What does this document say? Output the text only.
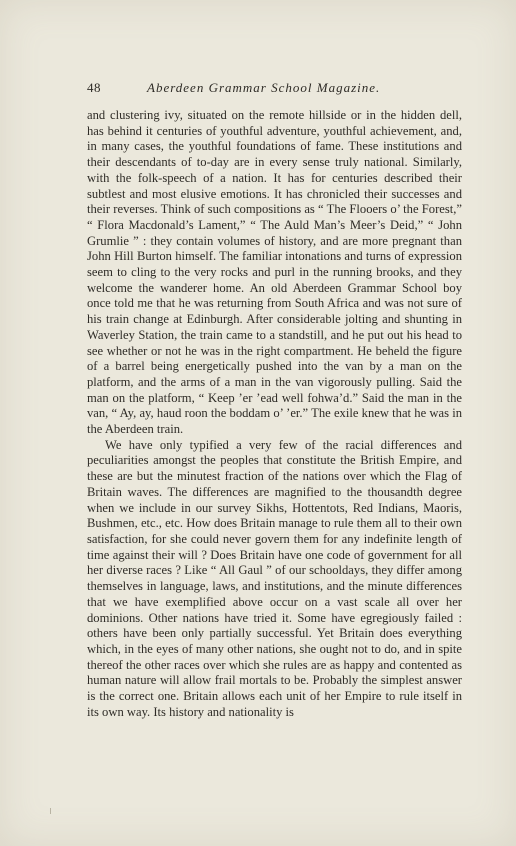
48	Aberdeen Grammar School Magazine.

and clustering ivy, situated on the remote hillside or in the hidden dell, has behind it centuries of youthful adventure, youthful achievement, and, in many cases, the youthful foundations of fame. These institutions and their descendants of to-day are in every sense truly national. Similarly, with the folk-speech of a nation. It has for centuries described their subtlest and most elusive emotions. It has chronicled their successes and their reverses. Think of such compositions as “ The Flooers o’ the Forest,” “ Flora Macdonald’s Lament,” “ The Auld Man’s Meer’s Deid,” “ John Grumlie ” : they contain volumes of history, and are more pregnant than John Hill Burton himself. The familiar intonations and turns of expression seem to cling to the very rocks and purl in the running brooks, and they welcome the wanderer home. An old Aberdeen Grammar School boy once told me that he was returning from South Africa and was not sure of his train change at Edinburgh. After considerable jolting and shunting in Waverley Station, the train came to a standstill, and he put out his head to see whether or not he was in the right compartment. He beheld the figure of a barrel being energetically pushed into the van by a man on the platform, and the arms of a man in the van vigorously pulling. Said the man on the platform, “ Keep ’er ’ead well fohwa’d.” Said the man in the van, “ Ay, ay, haud roon the boddam o’ ’er.” The exile knew that he was in the Aberdeen train.

We have only typified a very few of the racial differences and peculiarities amongst the peoples that constitute the British Empire, and these are but the minutest fraction of the nations over which the Flag of Britain waves. The differences are magnified to the thousandth degree when we include in our survey Sikhs, Hottentots, Red Indians, Maoris, Bushmen, etc., etc. How does Britain manage to rule them all to their own satisfaction, for she could never govern them for any indefinite length of time against their will ? Does Britain have one code of government for all her diverse races ? Like “ All Gaul ” of our schooldays, they differ among themselves in language, laws, and institutions, and the minute differences that we have exemplified above occur on a vast scale all over her dominions. Other nations have tried it. Some have egregiously failed : others have been only partially successful. Yet Britain does everything which, in the eyes of many other nations, she ought not to do, and in spite thereof the other races over which she rules are as happy and contented as human nature will allow frail mortals to be. Probably the simplest answer is the correct one. Britain allows each unit of her Empire to rule itself in its own way. Its history and nationality is
